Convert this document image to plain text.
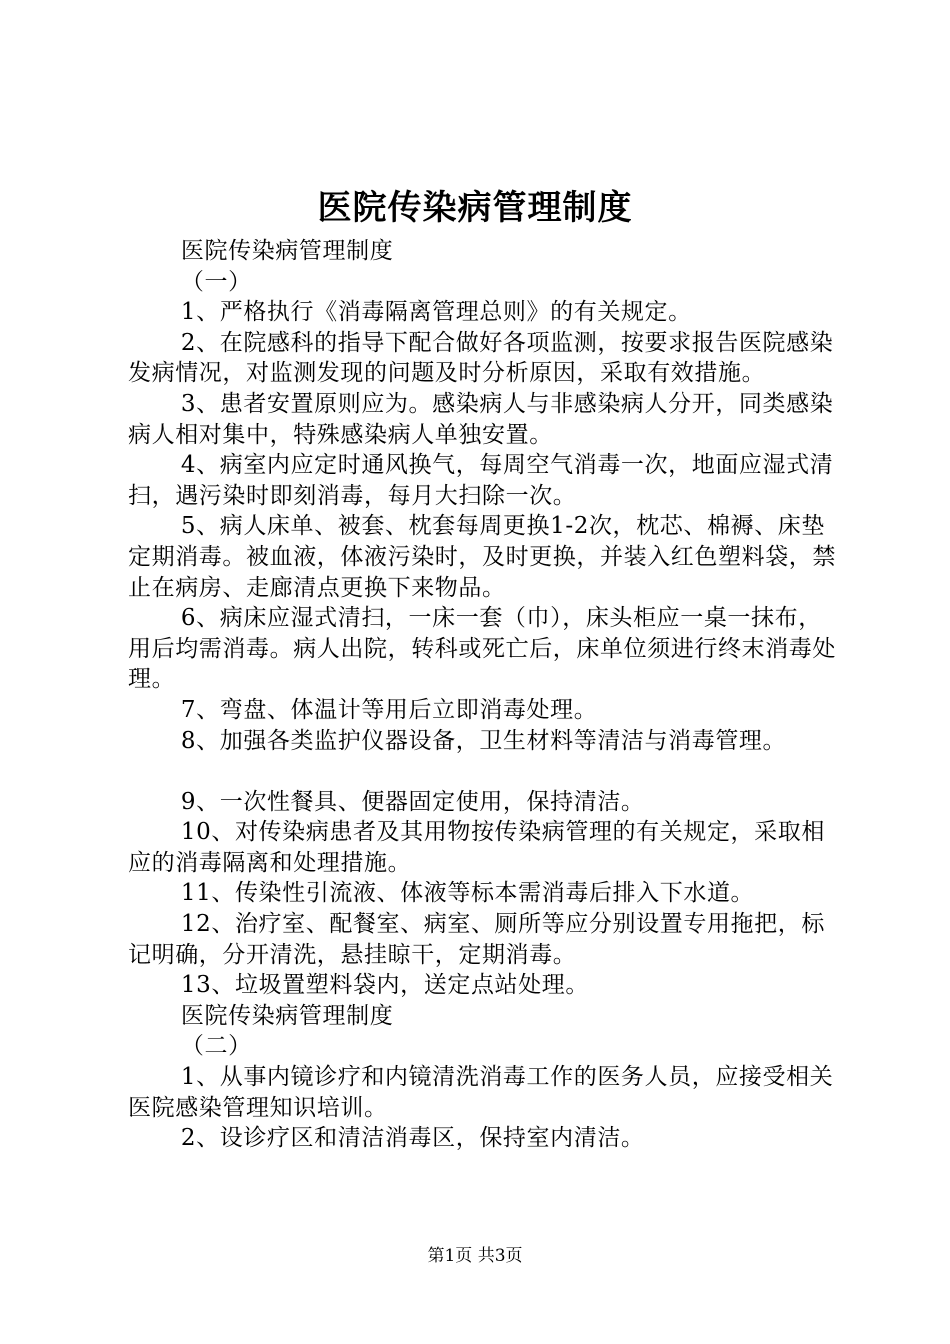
医院传染病管理制度

医院传染病管理制度

（一）

1、严格执行《消毒隔离管理总则》的有关规定。

2、在院感科的指导下配合做好各项监测，按要求报告医院感染发病情况，对监测发现的问题及时分析原因，采取有效措施。

3、患者安置原则应为。感染病人与非感染病人分开，同类感染病人相对集中，特殊感染病人单独安置。

4、病室内应定时通风换气，每周空气消毒一次，地面应湿式清扫，遇污染时即刻消毒，每月大扫除一次。

5、病人床单、被套、枕套每周更换1-2次，枕芯、棉褥、床垫定期消毒。被血液，体液污染时，及时更换，并装入红色塑料袋，禁止在病房、走廊清点更换下来物品。

6、病床应湿式清扫，一床一套（巾），床头柜应一桌一抹布，用后均需消毒。病人出院，转科或死亡后，床单位须进行终末消毒处理。

7、弯盘、体温计等用后立即消毒处理。

8、加强各类监护仪器设备，卫生材料等清洁与消毒管理。

9、一次性餐具、便器固定使用，保持清洁。

10、对传染病患者及其用物按传染病管理的有关规定，采取相应的消毒隔离和处理措施。

11、传染性引流液、体液等标本需消毒后排入下水道。

12、治疗室、配餐室、病室、厕所等应分别设置专用拖把，标记明确，分开清洗，悬挂晾干，定期消毒。

13、垃圾置塑料袋内，送定点站处理。

医院传染病管理制度

（二）

1、从事内镜诊疗和内镜清洗消毒工作的医务人员，应接受相关医院感染管理知识培训。

2、设诊疗区和清洁消毒区，保持室内清洁。

第1页 共3页
